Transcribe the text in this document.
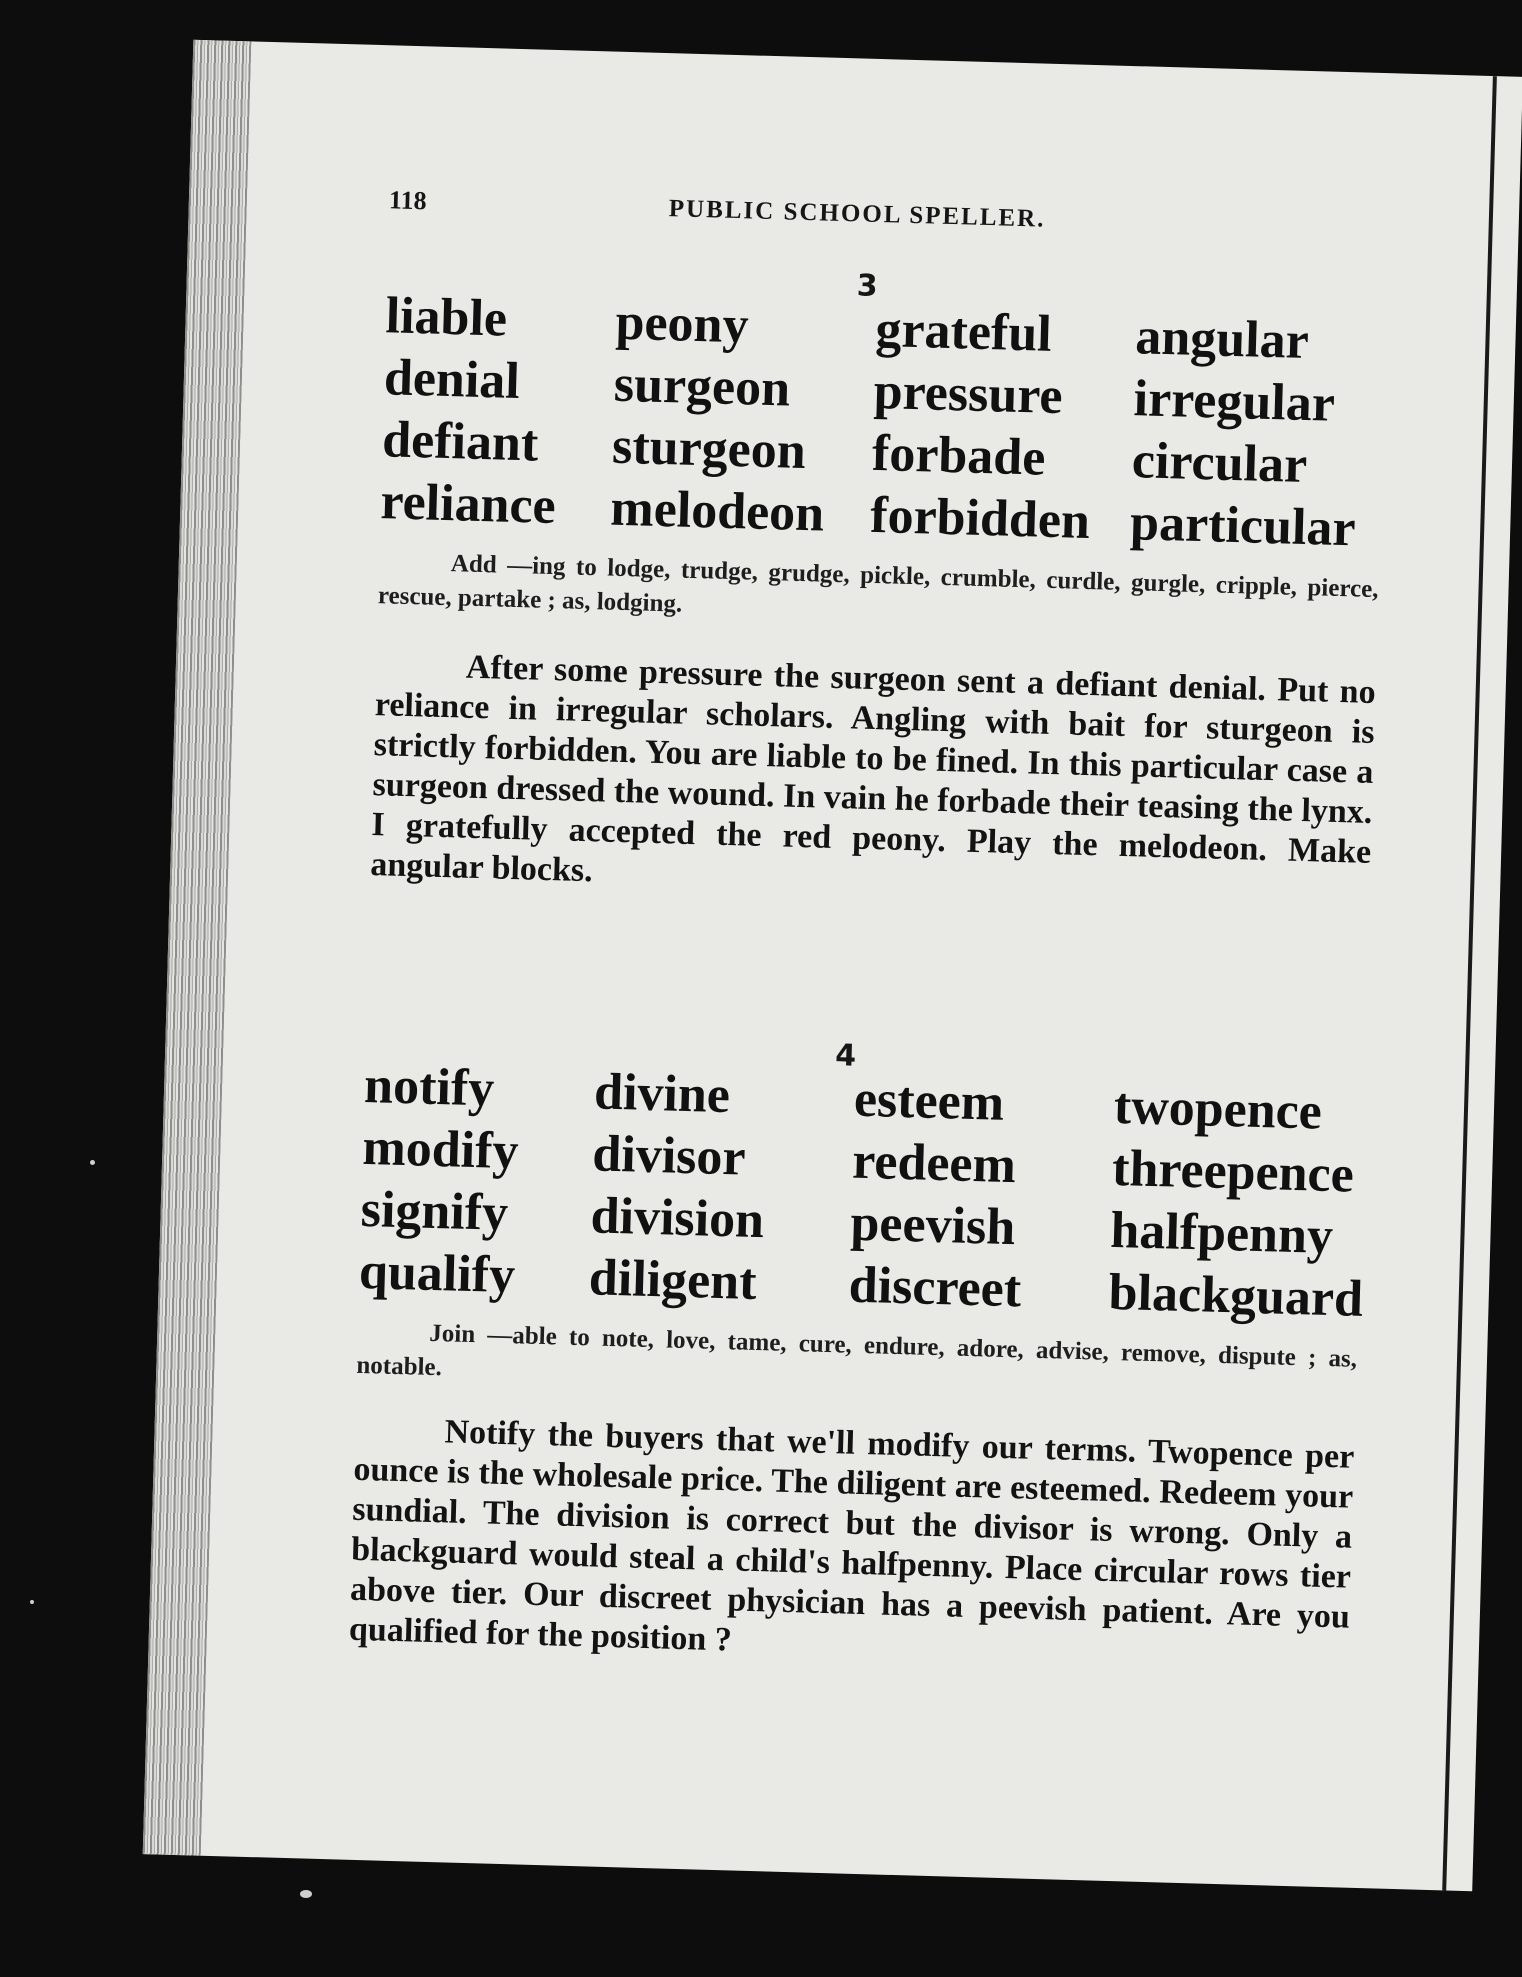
118	PUBLIC SCHOOL SPELLER.
3
liable
denial
defiant
reliance
peony
surgeon
sturgeon
melodeon
grateful
pressure
forbade
forbidden
angular
irregular
circular
particular
Add —ing to lodge, trudge, grudge, pickle, crumble, curdle, gurgle, cripple, pierce, rescue, partake ; as, lodging.
After some pressure the surgeon sent a defiant denial. Put no reliance in irregular scholars. Angling with bait for sturgeon is strictly forbidden. You are liable to be fined. In this particular case a surgeon dressed the wound. In vain he forbade their teasing the lynx. I gratefully accepted the red peony. Play the melodeon. Make angular blocks.
4
notify
modify
signify
qualify
divine
divisor
division
diligent
esteem
redeem
peevish
discreet
twopence
threepence
halfpenny
blackguard
Join —able to note, love, tame, cure, endure, adore, advise, remove, dispute ; as, notable.
Notify the buyers that we'll modify our terms. Twopence per ounce is the wholesale price. The diligent are esteemed. Redeem your sundial. The division is correct but the divisor is wrong. Only a blackguard would steal a child's halfpenny. Place circular rows tier above tier. Our discreet physician has a peevish patient. Are you qualified for the position ?
